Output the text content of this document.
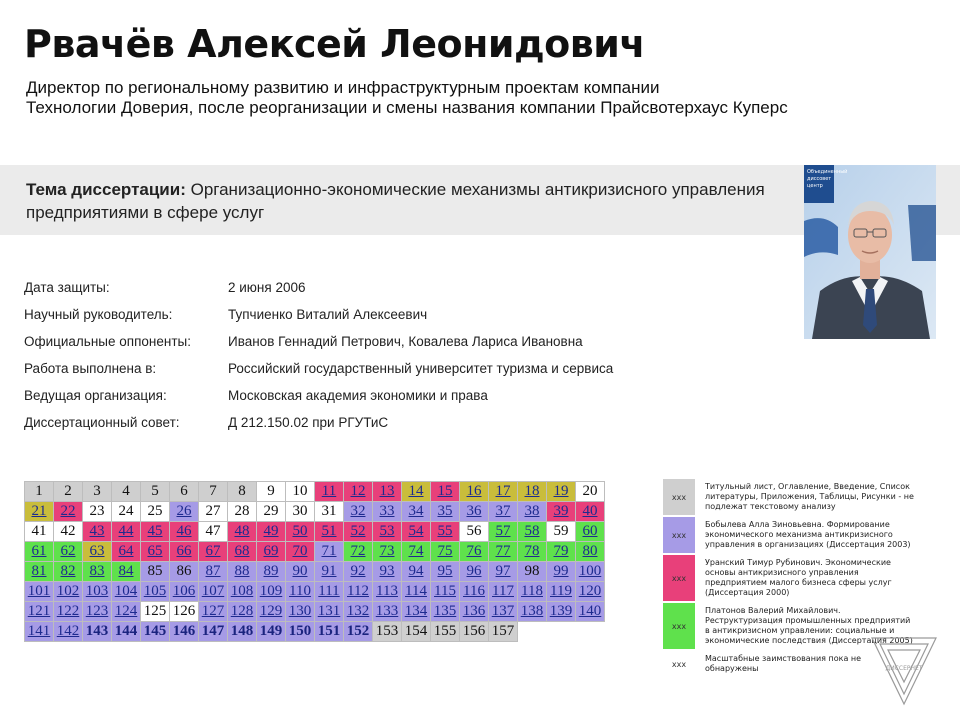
Рвачёв Алексей Леонидович
Директор по региональному развитию и инфраструктурным проектам компании
Технологии Доверия, после реорганизации и смены названия компании Прайсвотерхаус Куперс
Тема диссертации: Организационно-экономические механизмы антикризисного управления предприятиями в сфере услуг
Объединенный
диссовет
центр
Дата защиты:	2 июня 2006
Научный руководитель:	Тупчиенко Виталий Алексеевич
Официальные оппоненты:	Иванов Геннадий Петрович, Ковалева Лариса Ивановна
Работа выполнена в:	Российский государственный университет туризма и сервиса
Ведущая организация:	Московская академия экономики и права
Диссертационный совет:	Д 212.150.02 при РГУТиС
1	2	3	4	5	6	7	8	9	10	11	12	13	14	15	16	17	18	19	20
21	22	23	24	25	26	27	28	29	30	31	32	33	34	35	36	37	38	39	40
41	42	43	44	45	46	47	48	49	50	51	52	53	54	55	56	57	58	59	60
61	62	63	64	65	66	67	68	69	70	71	72	73	74	75	76	77	78	79	80
81	82	83	84	85	86	87	88	89	90	91	92	93	94	95	96	97	98	99	100
101	102	103	104	105	106	107	108	109	110	111	112	113	114	115	116	117	118	119	120
121	122	123	124	125	126	127	128	129	130	131	132	133	134	135	136	137	138	139	140
141	142	143	144	145	146	147	148	149	150	151	152	153	154	155	156	157			
xxx	Титульный лист, Оглавление, Введение, Список литературы, Приложения, Таблицы, Рисунки - не подлежат текстовому анализу
xxx	Бобылева Алла Зиновьевна. Формирование экономического механизма антикризисного управления в организациях (Диссертация 2003)
xxx	Уранский Тимур Рубинович. Экономические основы антикризисного управления предприятием малого бизнеса сферы услуг (Диссертация 2000)
xxx	Платонов Валерий Михайлович. Реструктуризация промышленных предприятий в антикризисном управлении: социальные и экономические последствия (Диссертация 2005)
xxx	Масштабные заимствования пока не обнаружены	ДИССЕРНЕТ
